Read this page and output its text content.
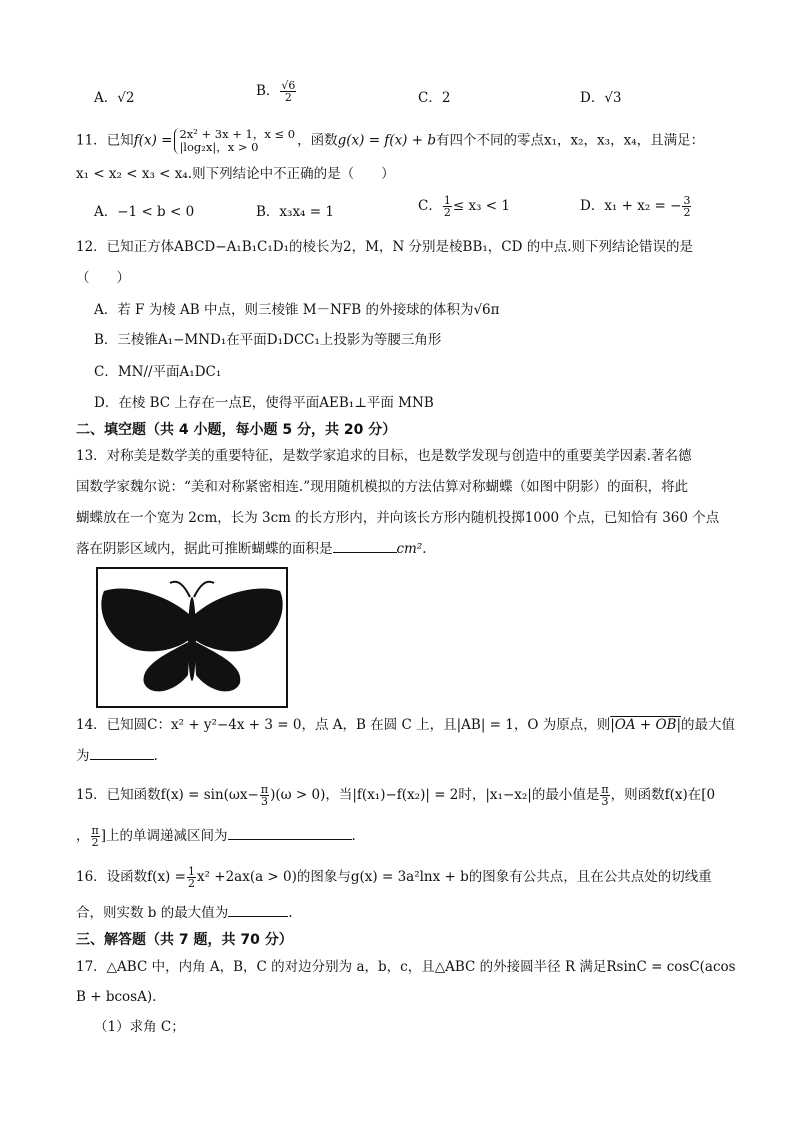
A．√2	B． $\frac{√6}{2}$	C．2	D．√3
11．已知f(x) = 2x² + 3x + 1，x ≤ 0
|log₂x|，x > 0	，函数g(x) = f(x) + b有四个不同的零点x₁，x₂，x₃，x₄，且满足：
x₁ < x₂ < x₃ < x₄.则下列结论中不正确的是（　　）
A．−1 < b < 0	B．x₃x₄ = 1	C． $\frac{1}{2} \le x_3 < 1$	D．x₁ + x₂ = − $\frac{3}{2}$
12．已知正方体ABCD−A₁B₁C₁D₁的棱长为2，M，N 分别是棱BB₁，CD 的中点.则下列结论错误的是
（　　）
A．若 F 为棱 AB 中点，则三棱锥 M－NFB 的外接球的体积为√6π
B．三棱锥A₁−MND₁在平面D₁DCC₁上投影为等腰三角形
C．MN//平面A₁DC₁
D．在棱 BC 上存在一点E，使得平面AEB₁⊥平面 MNB
二、填空题（共 4 小题，每小题 5 分，共 20 分）
13．对称美是数学美的重要特征，是数学家追求的目标，也是数学发现与创造中的重要美学因素.著名德
国数学家魏尔说：“美和对称紧密相连.”现用随机模拟的方法估算对称蝴蝶（如图中阴影）的面积，将此
蝴蝶放在一个宽为 2cm，长为 3cm 的长方形内，并向该长方形内随机投掷1000 个点，已知恰有 360 个点
落在阴影区域内，据此可推断蝴蝶的面积是	cm².
14．已知圆C：x² + y²−4x + 3 = 0，点 A，B 在圆 C 上，且|AB| = 1，O 为原点，则|OA + OB|的最大值
为	.
15．已知函数$f(x) = \sin(\omega x- \frac{\pi}{3} )(\omega > 0)$，当|f(x₁)−f(x₂)| = 2时，|x₁−x₂|的最小值是 $\frac{\pi}{3}$ ，则函数f(x)在[0
， $\frac{\pi}{2}$ ]上的单调递减区间为	.
16．设函数$f(x) = \frac{1}{2} x^2 +2ax(a > 0)$的图象与g(x) = 3a²lnx + b的图象有公共点，且在公共点处的切线重
合，则实数 b 的最大值为	.
三、解答题（共 7 题，共 70 分）
17．△ABC 中，内角 A，B，C 的对边分别为 a，b，c，且△ABC 的外接圆半径 R 满足RsinC = cosC(acos
B + bcosA).
（1）求角 C；
